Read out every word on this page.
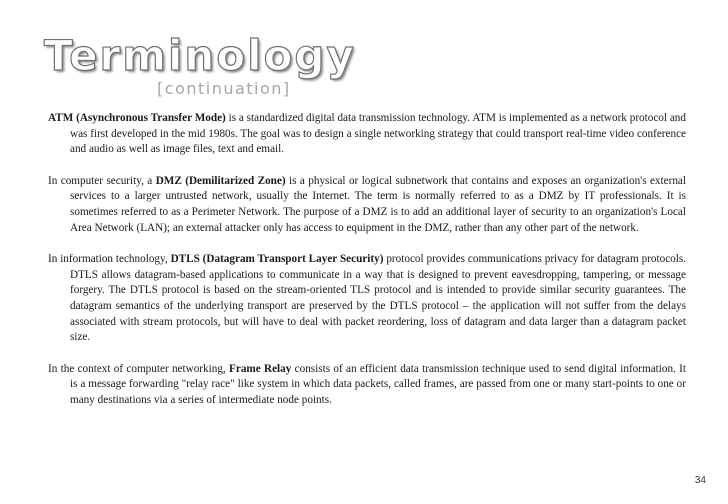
Terminology
[continuation]

ATM (Asynchronous Transfer Mode) is a standardized digital data transmission technology. ATM is implemented as a network protocol and was first developed in the mid 1980s. The goal was to design a single networking strategy that could transport real-time video conference and audio as well as image files, text and email.

In computer security, a DMZ (Demilitarized Zone) is a physical or logical subnetwork that contains and exposes an organization's external services to a larger untrusted network, usually the Internet. The term is normally referred to as a DMZ by IT professionals. It is sometimes referred to as a Perimeter Network. The purpose of a DMZ is to add an additional layer of security to an organization's Local Area Network (LAN); an external attacker only has access to equipment in the DMZ, rather than any other part of the network.

In information technology, DTLS (Datagram Transport Layer Security) protocol provides communications privacy for datagram protocols. DTLS allows datagram-based applications to communicate in a way that is designed to prevent eavesdropping, tampering, or message forgery. The DTLS protocol is based on the stream-oriented TLS protocol and is intended to provide similar security guarantees. The datagram semantics of the underlying transport are preserved by the DTLS protocol – the application will not suffer from the delays associated with stream protocols, but will have to deal with packet reordering, loss of datagram and data larger than a datagram packet size.

In the context of computer networking, Frame Relay consists of an efficient data transmission technique used to send digital information. It is a message forwarding "relay race" like system in which data packets, called frames, are passed from one or many start-points to one or many destinations via a series of intermediate node points.

34
